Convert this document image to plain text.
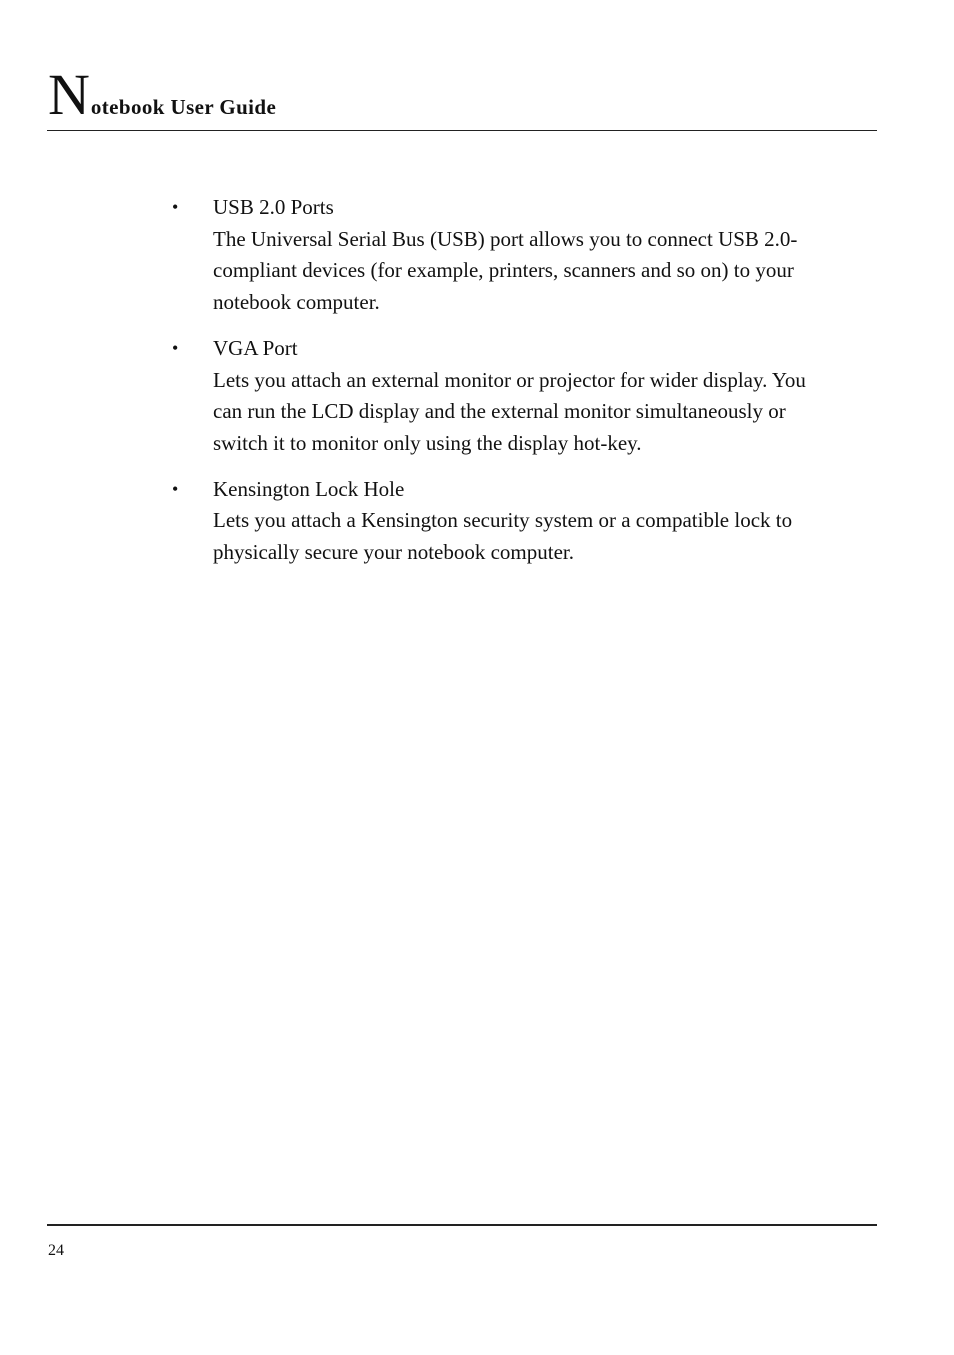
Notebook User Guide
• USB 2.0 Ports
The Universal Serial Bus (USB) port allows you to connect USB 2.0-
compliant devices (for example, printers, scanners and so on) to your
notebook computer.
• VGA Port
Lets you attach an external monitor or projector for wider display. You
can run the LCD display and the external monitor simultaneously or
switch it to monitor only using the display hot-key.
• Kensington Lock Hole
Lets you attach a Kensington security system or a compatible lock to
physically secure your notebook computer.
24
